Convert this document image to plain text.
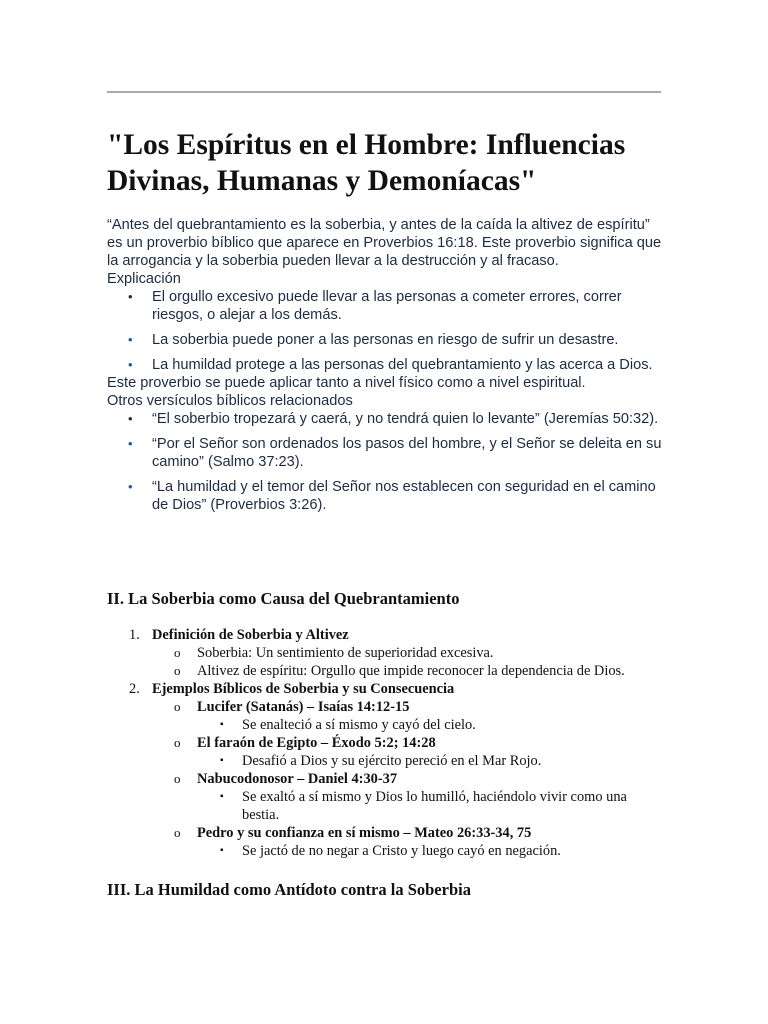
"Los Espíritus en el Hombre: Influencias Divinas, Humanas y Demoníacas"

“Antes del quebrantamiento es la soberbia, y antes de la caída la altivez de espíritu” es un proverbio bíblico que aparece en Proverbios 16:18. Este proverbio significa que la arrogancia y la soberbia pueden llevar a la destrucción y al fracaso.

Explicación

• El orgullo excesivo puede llevar a las personas a cometer errores, correr riesgos, o alejar a los demás.
• La soberbia puede poner a las personas en riesgo de sufrir un desastre.
• La humildad protege a las personas del quebrantamiento y las acerca a Dios.

Este proverbio se puede aplicar tanto a nivel físico como a nivel espiritual.

Otros versículos bíblicos relacionados

• “El soberbio tropezará y caerá, y no tendrá quien lo levante” (Jeremías 50:32).
• “Por el Señor son ordenados los pasos del hombre, y el Señor se deleita en su camino” (Salmo 37:23).
• “La humildad y el temor del Señor nos establecen con seguridad en el camino de Dios” (Proverbios 3:26).
II. La Soberbia como Causa del Quebrantamiento
1. Definición de Soberbia y Altivez
o Soberbia: Un sentimiento de superioridad excesiva.
o Altivez de espíritu: Orgullo que impide reconocer la dependencia de Dios.
2. Ejemplos Bíblicos de Soberbia y su Consecuencia
o Lucifer (Satanás) – Isaías 14:12-15
▪ Se enalteció a sí mismo y cayó del cielo.
o El faraón de Egipto – Éxodo 5:2; 14:28
▪ Desafió a Dios y su ejército pereció en el Mar Rojo.
o Nabucodonosor – Daniel 4:30-37
▪ Se exaltó a sí mismo y Dios lo humilló, haciéndolo vivir como una bestia.
o Pedro y su confianza en sí mismo – Mateo 26:33-34, 75
▪ Se jactó de no negar a Cristo y luego cayó en negación.
III. La Humildad como Antídoto contra la Soberbia
